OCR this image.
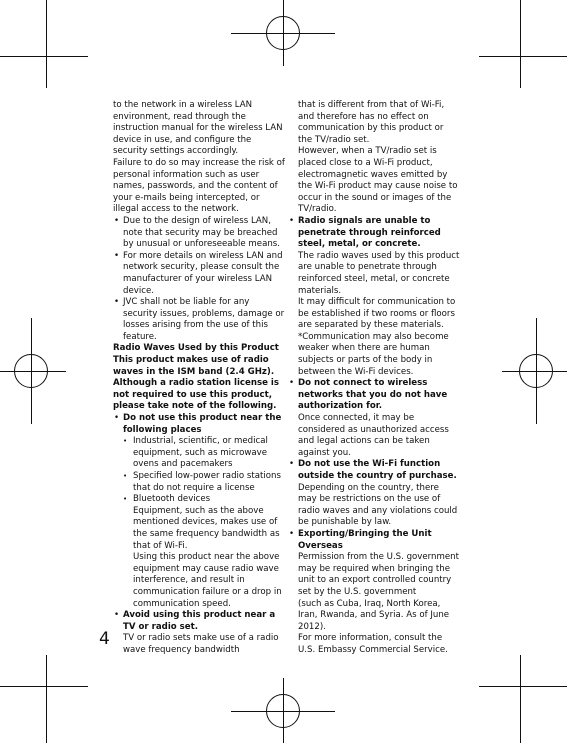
to the network in a wireless LAN environment, read through the instruction manual for the wireless LAN device in use, and configure the security settings accordingly.

Failure to do so may increase the risk of personal information such as user names, passwords, and the content of your e-mails being intercepted, or illegal access to the network.

• Due to the design of wireless LAN, note that security may be breached by unusual or unforeseeable means.

• For more details on wireless LAN and network security, please consult the manufacturer of your wireless LAN device.

• JVC shall not be liable for any security issues, problems, damage or losses arising from the use of this feature.

Radio Waves Used by this Product This product makes use of radio waves in the ISM band (2.4 GHz). Although a radio station license is not required to use this product, please take note of the following.

• Do not use this product near the following places

• Industrial, scientific, or medical equipment, such as microwave ovens and pacemakers

• Specified low-power radio stations that do not require a license

• Bluetooth devices

Equipment, such as the above mentioned devices, makes use of the same frequency bandwidth as that of Wi-Fi.

Using this product near the above equipment may cause radio wave interference, and result in communication failure or a drop in communication speed.

• Avoid using this product near a TV or radio set.

TV or radio sets make use of a radio wave frequency bandwidth

that is different from that of Wi-Fi, and therefore has no effect on communication by this product or the TV/radio set.

However, when a TV/radio set is placed close to a Wi-Fi product, electromagnetic waves emitted by the Wi-Fi product may cause noise to occur in the sound or images of the TV/radio.

• Radio signals are unable to penetrate through reinforced steel, metal, or concrete.

The radio waves used by this product are unable to penetrate through reinforced steel, metal, or concrete materials.

It may difficult for communication to be established if two rooms or floors are separated by these materials.

*Communication may also become weaker when there are human subjects or parts of the body in between the Wi-Fi devices.

• Do not connect to wireless networks that you do not have authorization for.

Once connected, it may be considered as unauthorized access and legal actions can be taken against you.

• Do not use the Wi-Fi function outside the country of purchase.

Depending on the country, there may be restrictions on the use of radio waves and any violations could be punishable by law.

• Exporting/Bringing the Unit Overseas

Permission from the U.S. government may be required when bringing the unit to an export controlled country set by the U.S. government

(such as Cuba, Iraq, North Korea, Iran, Rwanda, and Syria. As of June 2012).

For more information, consult the U.S. Embassy Commercial Service.

4
